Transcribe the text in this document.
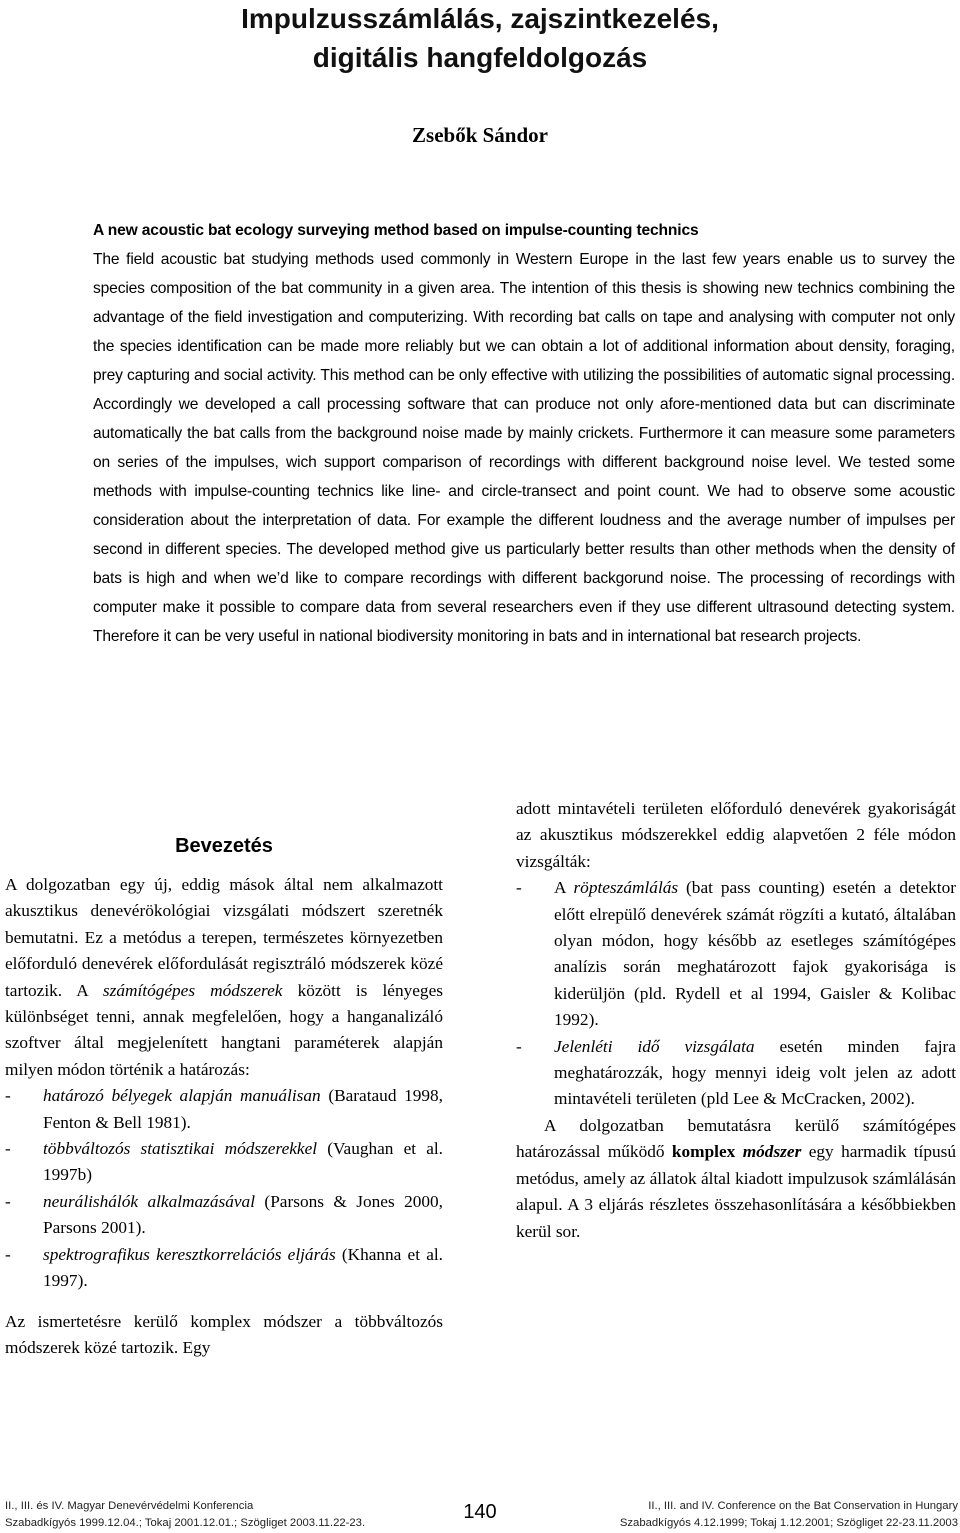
Impulzusszámlálás, zajszintkezelés,
digitális hangfeldolgozás
Zsebők Sándor
A new acoustic bat ecology surveying method based on impulse-counting technics
The field acoustic bat studying methods used commonly in Western Europe in the last few years enable us to survey the species composition of the bat community in a given area. The intention of this thesis is showing new technics combining the advantage of the field investigation and computerizing. With recording bat calls on tape and analysing with computer not only the species identification can be made more reliably but we can obtain a lot of additional information about density, foraging, prey capturing and social activity. This method can be only effective with utilizing the possibilities of automatic signal processing. Accordingly we developed a call processing software that can produce not only afore-mentioned data but can discriminate automatically the bat calls from the background noise made by mainly crickets. Furthermore it can measure some parameters on series of the impulses, wich support comparison of recordings with different background noise level. We tested some methods with impulse-counting technics like line- and circle-transect and point count. We had to observe some acoustic consideration about the interpretation of data. For example the different loudness and the average number of impulses per second in different species. The developed method give us particularly better results than other methods when the density of bats is high and when we’d like to compare recordings with different backgorund noise. The processing of recordings with computer make it possible to compare data from several researchers even if they use different ultrasound detecting system. Therefore it can be very useful in national biodiversity monitoring in bats and in international bat research projects.
Bevezetés

A dolgozatban egy új, eddig mások által nem alkalmazott akusztikus denevérökológiai vizsgálati módszert szeretnék bemutatni. Ez a metódus a terepen, természetes környezetben előforduló denevérek előfordulását regisztráló módszerek közé tartozik. A számítógépes módszerek között is lényeges különbséget tenni, annak megfelelően, hogy a hanganalizáló szoftver által megjelenített hangtani paraméterek alapján milyen módon történik a határozás:

- határozó bélyegek alapján manuálisan (Barataud 1998, Fenton & Bell 1981).
- többváltozós statisztikai módszerekkel (Vaughan et al. 1997b)
- neurálishálók alkalmazásával (Parsons & Jones 2000, Parsons 2001).
- spektrografikus keresztkorrelációs eljárás (Khanna et al. 1997).

Az ismertetésre kerülő komplex módszer a többváltozós módszerek közé tartozik. Egy

adott mintavételi területen előforduló denevérek gyakoriságát az akusztikus módszerekkel eddig alapvetően 2 féle módon vizsgálták:

- A röpteszámlálás (bat pass counting) esetén a detektor előtt elrepülő denevérek számát rögzíti a kutató, általában olyan módon, hogy később az esetleges számítógépes analízis során meghatározott fajok gyakorisága is kiderüljön (pld. Rydell et al 1994, Gaisler & Kolibac 1992).
- Jelenléti idő vizsgálata esetén minden fajra meghatározzák, hogy mennyi ideig volt jelen az adott mintavételi területen (pld Lee & McCracken, 2002).

A dolgozatban bemutatásra kerülő számítógépes határozással működő komplex módszer egy harmadik típusú metódus, amely az állatok által kiadott impulzusok számlálásán alapul. A 3 eljárás részletes összehasonlítására a későbbiekben kerül sor.

II., III. és IV. Magyar Denevérvédelmi Konferencia
Szabadkígyós 1999.12.04.; Tokaj 2001.12.01.; Szögliget 2003.11.22-23.	140	II., III. and IV. Conference on the Bat Conservation in Hungary
Szabadkígyós 4.12.1999; Tokaj 1.12.2001; Szögliget 22-23.11.2003
